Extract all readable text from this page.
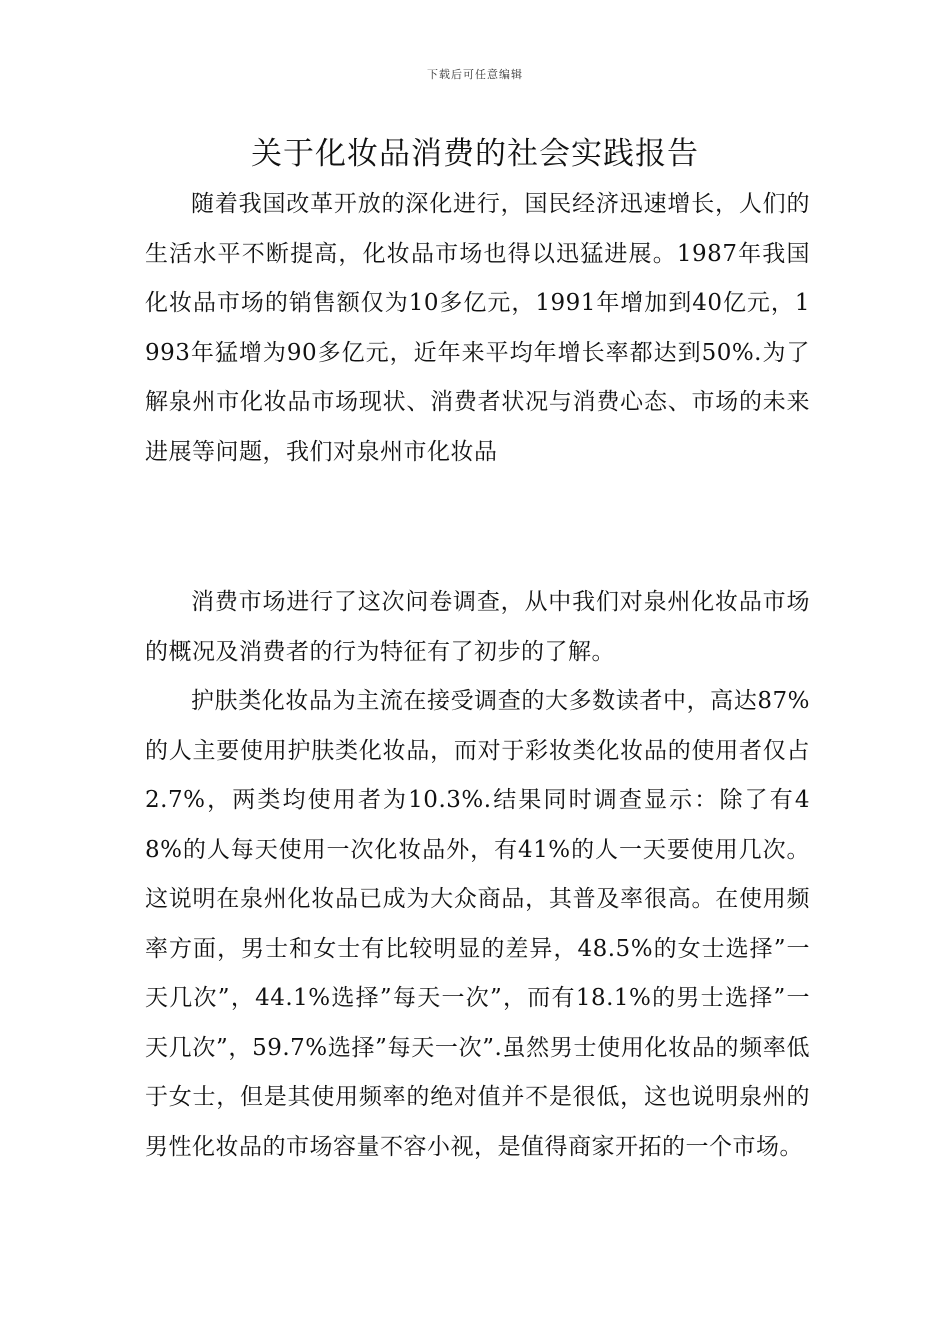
下载后可任意编辑
关于化妆品消费的社会实践报告

随着我国改革开放的深化进行，国民经济迅速增长，人们的生活水平不断提高，化妆品市场也得以迅猛进展。1987年我国化妆品市场的销售额仅为10多亿元，1991年增加到40亿元，1993年猛增为90多亿元，近年来平均年增长率都达到50%.为了解泉州市化妆品市场现状、消费者状况与消费心态、市场的未来进展等问题，我们对泉州市化妆品

消费市场进行了这次问卷调查，从中我们对泉州化妆品市场的概况及消费者的行为特征有了初步的了解。

护肤类化妆品为主流在接受调查的大多数读者中，高达87%的人主要使用护肤类化妆品，而对于彩妆类化妆品的使用者仅占2.7%，两类均使用者为10.3%.结果同时调查显示：除了有48%的人每天使用一次化妆品外，有41%的人一天要使用几次。这说明在泉州化妆品已成为大众商品，其普及率很高。在使用频率方面，男士和女士有比较明显的差异，48.5%的女士选择”一天几次”，44.1%选择”每天一次”，而有18.1%的男士选择”一天几次”，59.7%选择”每天一次”.虽然男士使用化妆品的频率低于女士，但是其使用频率的绝对值并不是很低，这也说明泉州的男性化妆品的市场容量不容小视，是值得商家开拓的一个市场。
